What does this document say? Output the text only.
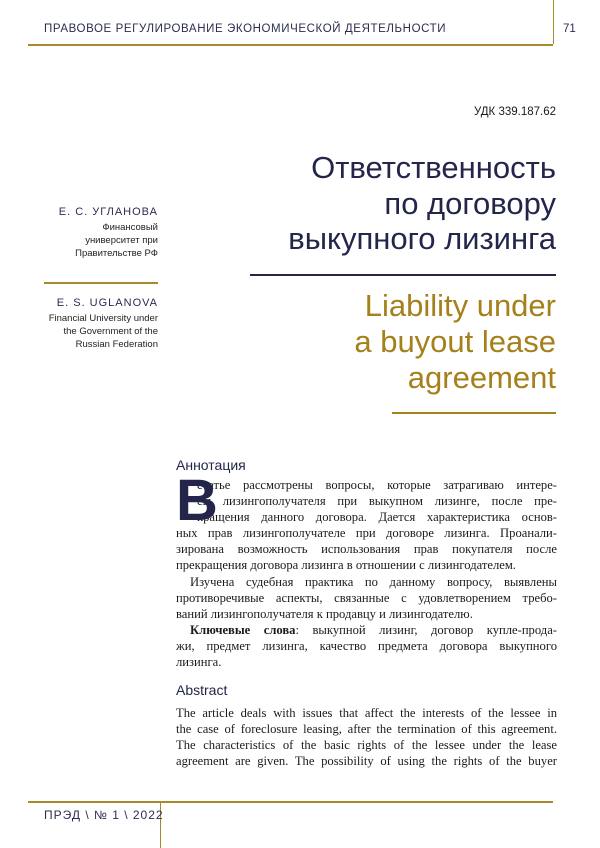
ПРАВОВОЕ РЕГУЛИРОВАНИЕ ЭКОНОМИЧЕСКОЙ ДЕЯТЕЛЬНОСТИ	71
УДК 339.187.62
Ответственность
по договору
выкупного лизинга
Liability under
a buyout lease
agreement
Е. С. УГЛАНОВА
Финансовый
университет при
Правительстве РФ
E. S. UGLANOVA
Financial University under
the Government of the
Russian Federation
Аннотация
В
статье рассмотрены вопросы, которые затрагиваю интере-
сы лизингополучателя при выкупном лизинге, после пре-
кращения данного договора. Дается характеристика основ-
ных прав лизингополучателе при договоре лизинга. Проанали-
зирована возможность использования прав покупателя после
прекращения договора лизинга в отношении с лизингодателем.
Изучена судебная практика по данному вопросу, выявлены
противоречивые аспекты, связанные с удовлетворением требо-
ваний лизингополучателя к продавцу и лизингодателю.
Ключевые слова: выкупной лизинг, договор купле-прода-
жи, предмет лизинга, качество предмета договора выкупного
лизинга.
Abstract
The article deals with issues that affect the interests of the lessee in
the case of foreclosure leasing, after the termination of this agreement.
The characteristics of the basic rights of the lessee under the lease
agreement are given. The possibility of using the rights of the buyer
ПРЭД \ № 1 \ 2022
